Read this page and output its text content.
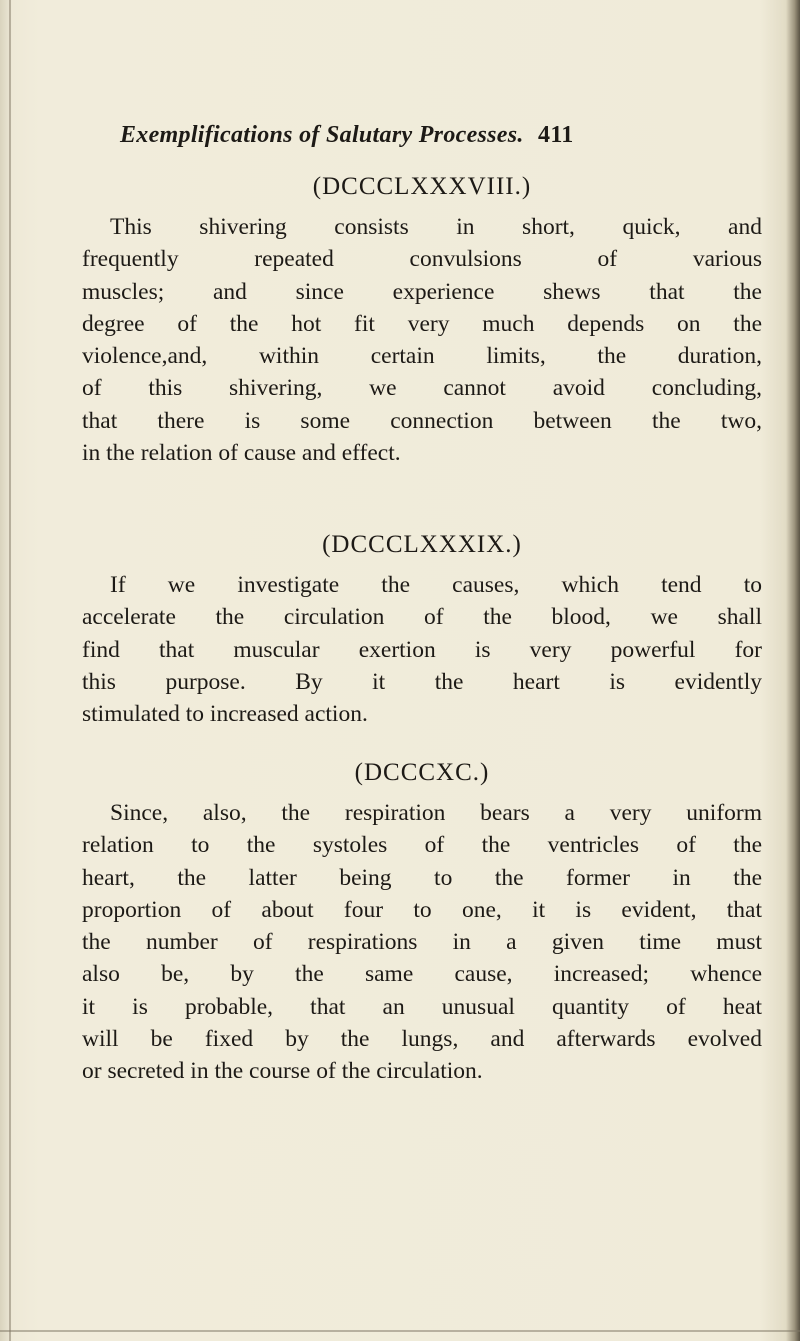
Exemplifications of Salutary Processes. 411
(DCCCLXXXVIII.)

This shivering consists in short, quick, and
frequently repeated convulsions of various
muscles; and since experience shews that the
degree of the hot fit very much depends on the
violence,and, within certain limits, the duration,
of this shivering, we cannot avoid concluding,
that there is some connection between the two,
in the relation of cause and effect.

(DCCCLXXXIX.)

If we investigate the causes, which tend to
accelerate the circulation of the blood, we shall
find that muscular exertion is very powerful for
this purpose. By it the heart is evidently
stimulated to increased action.

(DCCCXC.)

Since, also, the respiration bears a very uniform
relation to the systoles of the ventricles of the
heart, the latter being to the former in the
proportion of about four to one, it is evident, that
the number of respirations in a given time must
also be, by the same cause, increased; whence
it is probable, that an unusual quantity of heat
will be fixed by the lungs, and afterwards evolved
or secreted in the course of the circulation.
